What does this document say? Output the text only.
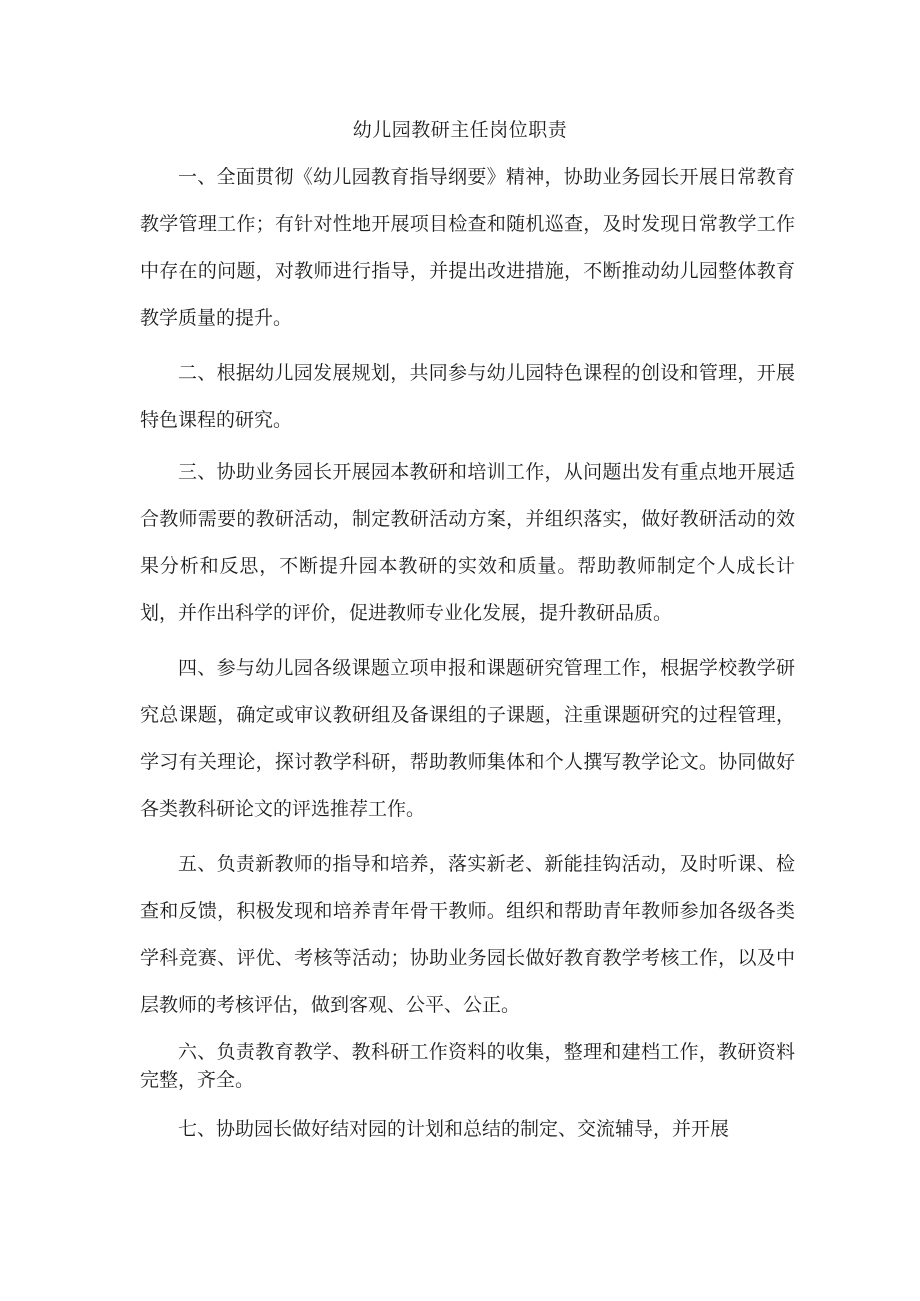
幼儿园教研主任岗位职责

一、全面贯彻《幼儿园教育指导纲要》精神，协助业务园长开展日常教育教学管理工作；有针对性地开展项目检查和随机巡查，及时发现日常教学工作中存在的问题，对教师进行指导，并提出改进措施，不断推动幼儿园整体教育教学质量的提升。

二、根据幼儿园发展规划，共同参与幼儿园特色课程的创设和管理，开展特色课程的研究。

三、协助业务园长开展园本教研和培训工作，从问题出发有重点地开展适合教师需要的教研活动，制定教研活动方案，并组织落实，做好教研活动的效果分析和反思，不断提升园本教研的实效和质量。帮助教师制定个人成长计划，并作出科学的评价，促进教师专业化发展，提升教研品质。

四、参与幼儿园各级课题立项申报和课题研究管理工作，根据学校教学研究总课题，确定或审议教研组及备课组的子课题，注重课题研究的过程管理，学习有关理论，探讨教学科研，帮助教师集体和个人撰写教学论文。协同做好各类教科研论文的评选推荐工作。

五、负责新教师的指导和培养，落实新老、新能挂钩活动，及时听课、检查和反馈，积极发现和培养青年骨干教师。组织和帮助青年教师参加各级各类学科竞赛、评优、考核等活动；协助业务园长做好教育教学考核工作，以及中层教师的考核评估，做到客观、公平、公正。

六、负责教育教学、教科研工作资料的收集，整理和建档工作，教研资料完整，齐全。

七、协助园长做好结对园的计划和总结的制定、交流辅导，并开展
